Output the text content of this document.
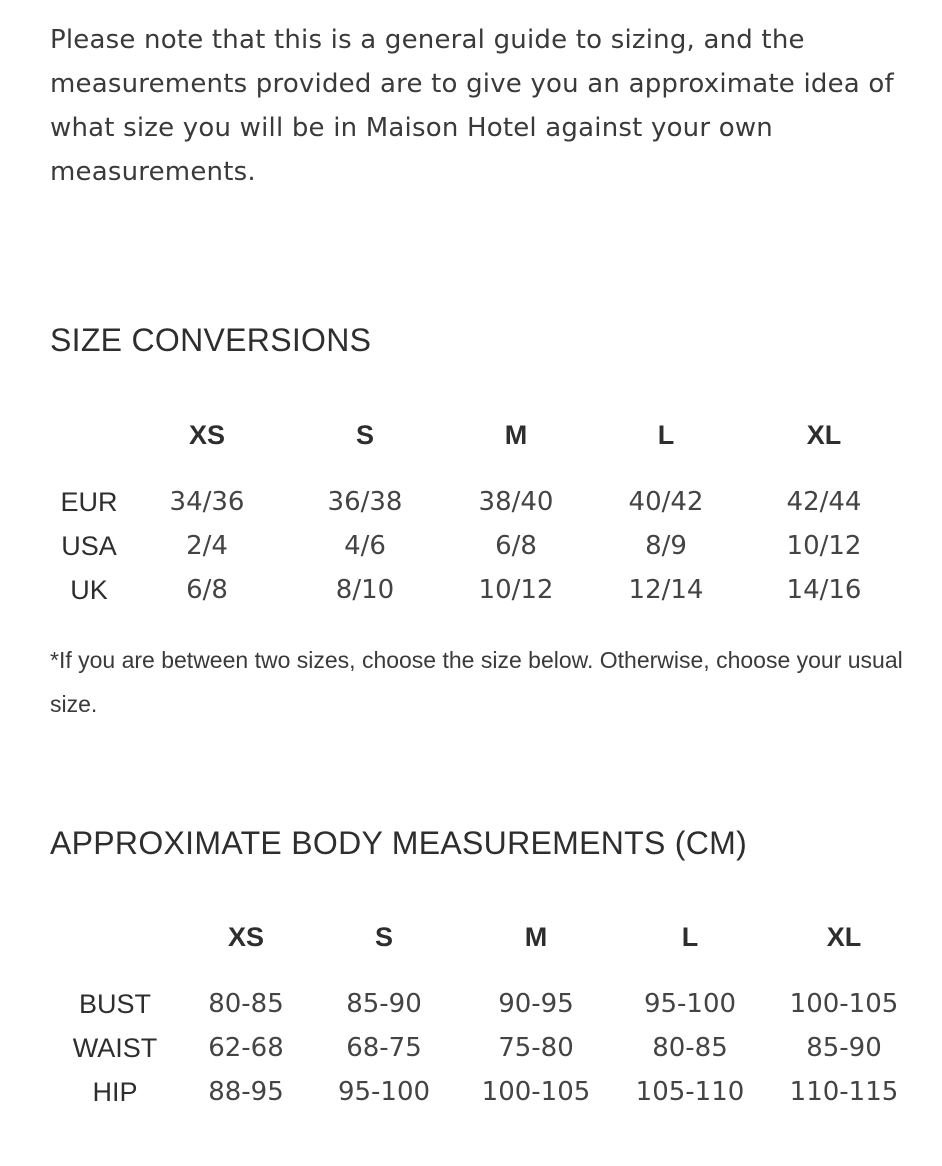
Please note that this is a general guide to sizing, and the measurements provided are to give you an approximate idea of what size you will be in Maison Hotel against your own measurements.

SIZE CONVERSIONS
	XS	S	M	L	XL
EUR	34/36	36/38	38/40	40/42	42/44
USA	2/4	4/6	6/8	8/9	10/12
UK	6/8	8/10	10/12	12/14	14/16

*If you are between two sizes, choose the size below. Otherwise, choose your usual size.

APPROXIMATE BODY MEASUREMENTS (CM)
	XS	S	M	L	XL
BUST	80-85	85-90	90-95	95-100	100-105
WAIST	62-68	68-75	75-80	80-85	85-90
HIP	88-95	95-100	100-105	105-110	110-115
